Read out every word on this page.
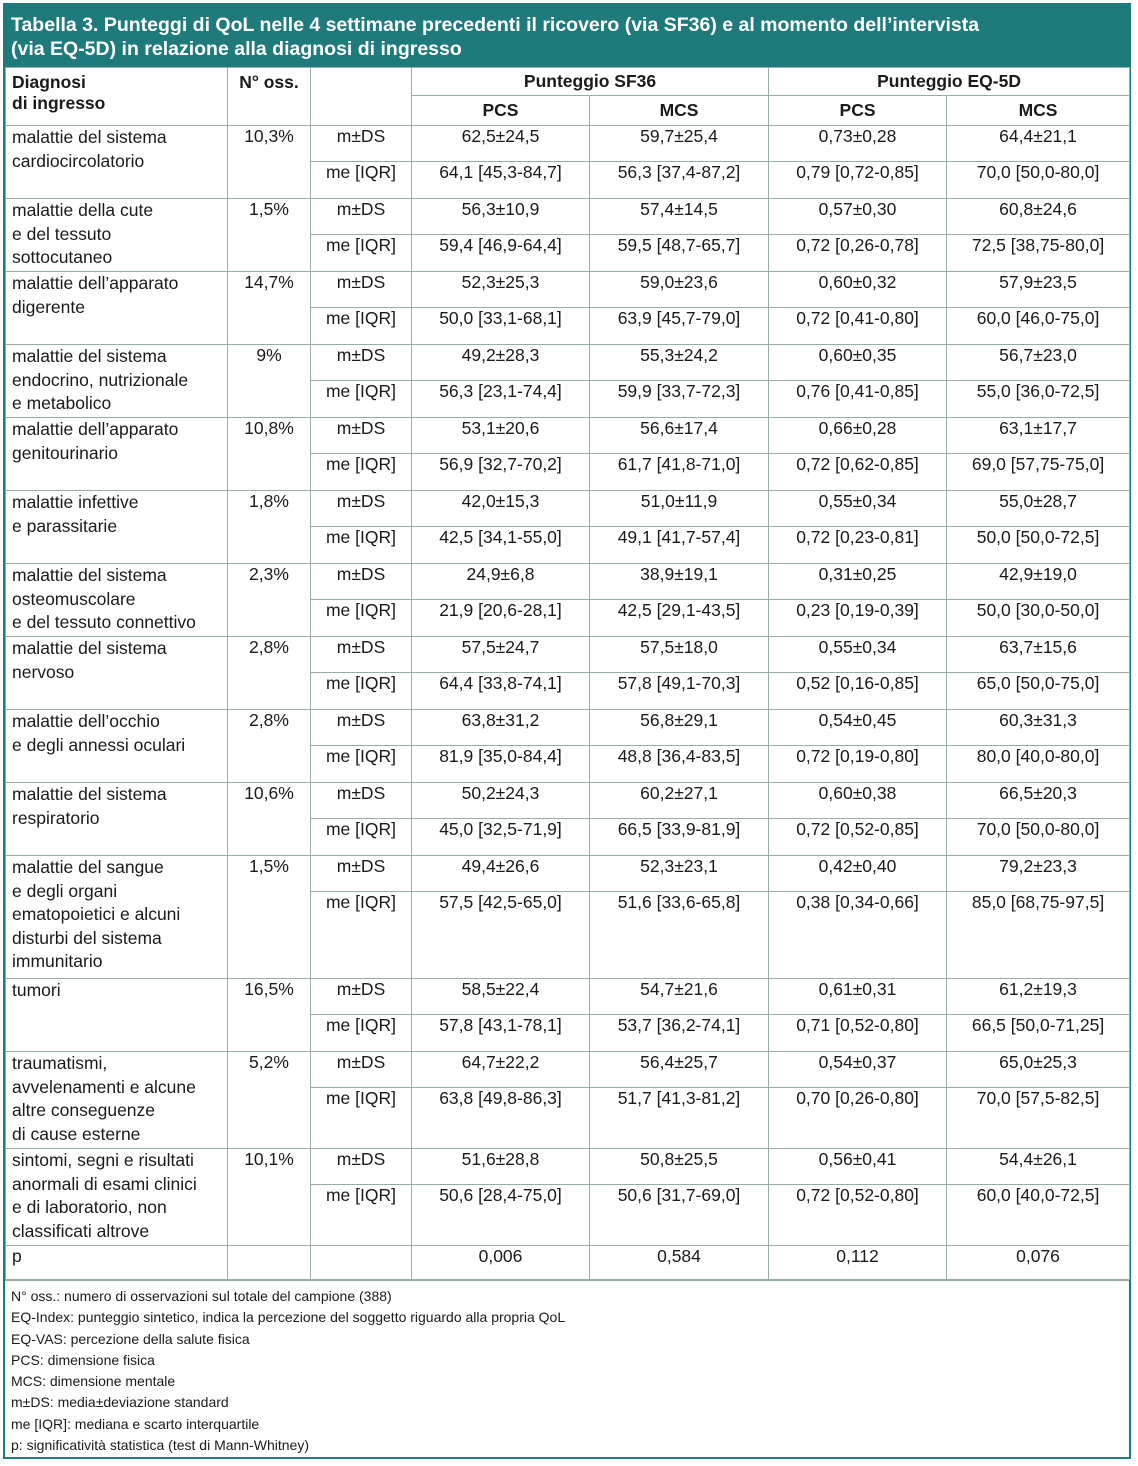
Tabella 3. Punteggi di QoL nelle 4 settimane precedenti il ricovero (via SF36) e al momento dell’intervista
(via EQ-5D) in relazione alla diagnosi di ingresso
Diagnosi
di ingresso	N° oss.		Punteggio SF36		Punteggio EQ-5D	
			PCS	MCS	PCS	MCS

malattie del sistema
cardiocircolatorio	10,3%	m±DS	62,5±24,5	59,7±25,4	0,73±0,28	64,4±21,1
		me [IQR]	64,1 [45,3-84,7]	56,3 [37,4-87,2]	0,79 [0,72-0,85]	70,0 [50,0-80,0]

malattie della cute
e del tessuto
sottocutaneo	1,5%	m±DS	56,3±10,9	57,4±14,5	0,57±0,30	60,8±24,6
		me [IQR]	59,4 [46,9-64,4]	59,5 [48,7-65,7]	0,72 [0,26-0,78]	72,5 [38,75-80,0]

malattie dell’apparato
digerente	14,7%	m±DS	52,3±25,3	59,0±23,6	0,60±0,32	57,9±23,5
		me [IQR]	50,0 [33,1-68,1]	63,9 [45,7-79,0]	0,72 [0,41-0,80]	60,0 [46,0-75,0]

malattie del sistema
endocrino, nutrizionale
e metabolico	9%	m±DS	49,2±28,3	55,3±24,2	0,60±0,35	56,7±23,0
		me [IQR]	56,3 [23,1-74,4]	59,9 [33,7-72,3]	0,76 [0,41-0,85]	55,0 [36,0-72,5]

malattie dell’apparato
genitourinario	10,8%	m±DS	53,1±20,6	56,6±17,4	0,66±0,28	63,1±17,7
		me [IQR]	56,9 [32,7-70,2]	61,7 [41,8-71,0]	0,72 [0,62-0,85]	69,0 [57,75-75,0]

malattie infettive
e parassitarie	1,8%	m±DS	42,0±15,3	51,0±11,9	0,55±0,34	55,0±28,7
		me [IQR]	42,5 [34,1-55,0]	49,1 [41,7-57,4]	0,72 [0,23-0,81]	50,0 [50,0-72,5]

malattie del sistema
osteomuscolare
e del tessuto connettivo	2,3%	m±DS	24,9±6,8	38,9±19,1	0,31±0,25	42,9±19,0
		me [IQR]	21,9 [20,6-28,1]	42,5 [29,1-43,5]	0,23 [0,19-0,39]	50,0 [30,0-50,0]

malattie del sistema
nervoso	2,8%	m±DS	57,5±24,7	57,5±18,0	0,55±0,34	63,7±15,6
		me [IQR]	64,4 [33,8-74,1]	57,8 [49,1-70,3]	0,52 [0,16-0,85]	65,0 [50,0-75,0]

malattie dell’occhio
e degli annessi oculari	2,8%	m±DS	63,8±31,2	56,8±29,1	0,54±0,45	60,3±31,3
		me [IQR]	81,9 [35,0-84,4]	48,8 [36,4-83,5]	0,72 [0,19-0,80]	80,0 [40,0-80,0]

malattie del sistema
respiratorio	10,6%	m±DS	50,2±24,3	60,2±27,1	0,60±0,38	66,5±20,3
		me [IQR]	45,0 [32,5-71,9]	66,5 [33,9-81,9]	0,72 [0,52-0,85]	70,0 [50,0-80,0]

malattie del sangue
e degli organi
ematopoietici e alcuni
disturbi del sistema
immunitario	1,5%	m±DS	49,4±26,6	52,3±23,1	0,42±0,40	79,2±23,3
		me [IQR]	57,5 [42,5-65,0]	51,6 [33,6-65,8]	0,38 [0,34-0,66]	85,0 [68,75-97,5]

tumori	16,5%	m±DS	58,5±22,4	54,7±21,6	0,61±0,31	61,2±19,3
		me [IQR]	57,8 [43,1-78,1]	53,7 [36,2-74,1]	0,71 [0,52-0,80]	66,5 [50,0-71,25]

traumatismi,
avvelenamenti e alcune
altre conseguenze
di cause esterne	5,2%	m±DS	64,7±22,2	56,4±25,7	0,54±0,37	65,0±25,3
		me [IQR]	63,8 [49,8-86,3]	51,7 [41,3-81,2]	0,70 [0,26-0,80]	70,0 [57,5-82,5]

sintomi, segni e risultati
anormali di esami clinici
e di laboratorio, non
classificati altrove	10,1%	m±DS	51,6±28,8	50,8±25,5	0,56±0,41	54,4±26,1
		me [IQR]	50,6 [28,4-75,0]	50,6 [31,7-69,0]	0,72 [0,52-0,80]	60,0 [40,0-72,5]
p			0,006	0,584	0,112	0,076
N° oss.: numero di osservazioni sul totale del campione (388)
EQ-Index: punteggio sintetico, indica la percezione del soggetto riguardo alla propria QoL
EQ-VAS: percezione della salute fisica
PCS: dimensione fisica
MCS: dimensione mentale
m±DS: media±deviazione standard
me [IQR]: mediana e scarto interquartile
p: significatività statistica (test di Mann-Whitney)
